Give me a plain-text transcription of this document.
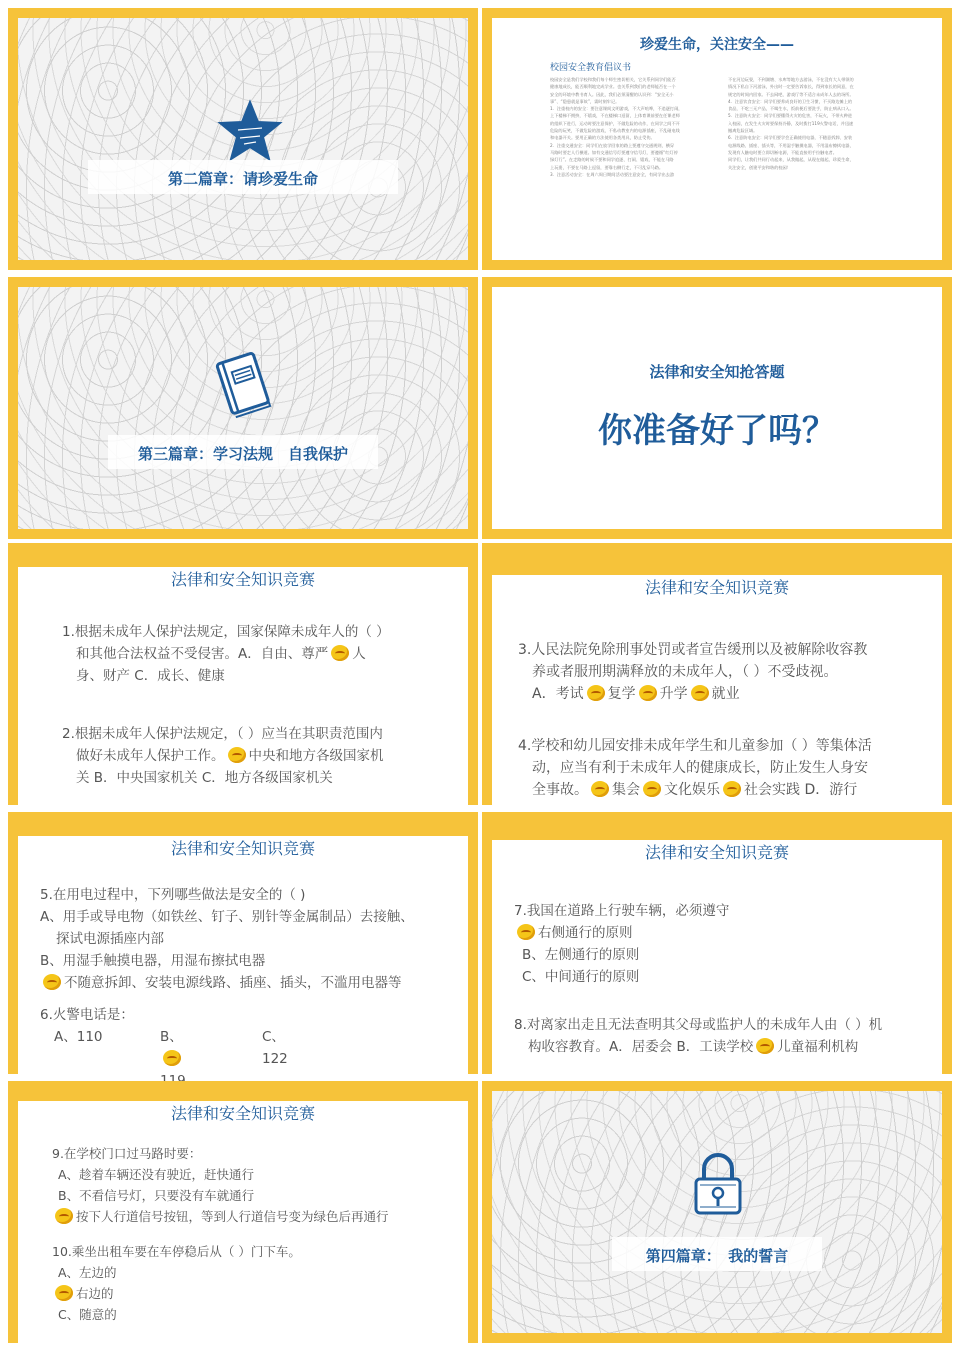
第二篇章：请珍爱生命
珍爱生命，关注安全——
校园安全教育倡议书
校园安全是我们学校和我们每个师生密切相关，它关系到同学们能否
健康地成长，能否顺利地完成学业。也关系到我们的老师能否在一个
安全的环境中教书育人。因此，我们必须清醒的认识到：“安全无小
事”、“隐患就是事故”，需时刻牢记。
1．注重校内的安全：要注意课间文明游戏，不大声喧哗，不追逐打闹，
上下楼梯不拥挤，不嬉戏，不在楼梯口逗留，上体育课前要在任课老师
的组织下进行，运动时要注意保护，不做危险的动作，在同学之间不开
危险的玩笑，不做危险的游戏，不私动教室内的电源插座，不乱碰电线
和电器开关。要用正确的方法使用各类用具，防止受伤。
2．注重交通安全：同学们在放学回家的路上要遵守交通规则，横穿
马路时要走人行横道。如有交通信号灯要遵守信号灯，要遵循“红灯停
绿灯行”。在走路的时候不要和同学追逐、打闹、嬉戏，不能在马路
上玩耍，不要在马路上逗留，要靠右侧行走，不可乱穿马路。
3．注意活动安全：在周六周日期间活动要注意安全，有同学出去游
不在河边玩耍，不到湖塘、水库等地方去游泳，不在没有大人带领的
情况下私自下河游泳，外出时一定要告诉家长，得到家长的同意，在
规定的时间内回家。不去网吧、游戏厅等不适合未成年人去的场所。
4．注意饮食安全：同学们要养成良好的卫生习惯，不买路边摊上的
食品，不吃三无产品，不喝生水，饭前便后要洗手，防止病从口入。
5．注意防火安全：同学们要懂得火灾的危害，不玩火，不带火种进
入校园，在发生火灾时要保持冷静，及时拨打119火警电话，并迅速
撤离危险区域。
6．注意防电安全：同学们要学会正确使用电器，不随意拆卸、安装
电源线路、插座、插头等，不用湿手触摸电器，不用湿布擦拭电器，
发现有人触电时要立即切断电源，不能直接用手拉触电者。
同学们，让我们共同行动起来，从我做起，从现在做起，珍爱生命，
关注安全，创建平安和谐的校园！
第三篇章：学习法规　自我保护
法律和安全知抢答题
你准备好了吗？
法律和安全知识竞赛
1.根据未成年人保护法规定，国家保障未成年人的（ ）
和其他合法权益不受侵害。A．自由、尊严 人
身、财产 C．成长、健康
2.根据未成年人保护法规定，（ ）应当在其职责范围内
做好未成年人保护工作。 中央和地方各级国家机
关 B．中央国家机关 C．地方各级国家机关
法律和安全知识竞赛
3.人民法院免除刑事处罚或者宣告缓刑以及被解除收容教
养或者服刑期满释放的未成年人，（ ）不受歧视。
A．考试 复学 升学 就业
4.学校和幼儿园安排未成年学生和儿童参加（ ）等集体活
动，应当有利于未成年人的健康成长，防止发生人身安
全事故。 集会 文化娱乐 社会实践 D．游行
法律和安全知识竞赛
5.在用电过程中，下列哪些做法是安全的（ )
A、用手或导电物（如铁丝、钉子、别针等金属制品）去接触、
探试电源插座内部
B、用湿手触摸电器，用湿布擦拭电器
不随意拆卸、安装电源线路、插座、插头，不滥用电器等
6.火警电话是：
A、110	B、	C、122
法律和安全知识竞赛
7.我国在道路上行驶车辆，必须遵守
右侧通行的原则
B、左侧通行的原则
C、中间通行的原则
8.对离家出走且无法查明其父母或监护人的未成年人由（ ）机
构收容教育。A．居委会 B．工读学校 儿童福利机构
法律和安全知识竞赛
9.在学校门口过马路时要：
A、趁着车辆还没有驶近，赶快通行
B、不看信号灯，只要没有车就通行
按下人行道信号按钮，等到人行道信号变为绿色后再通行
10.乘坐出租车要在车停稳后从（ ）门下车。
A、左边的
右边的
C、随意的
第四篇章：　我的誓言
